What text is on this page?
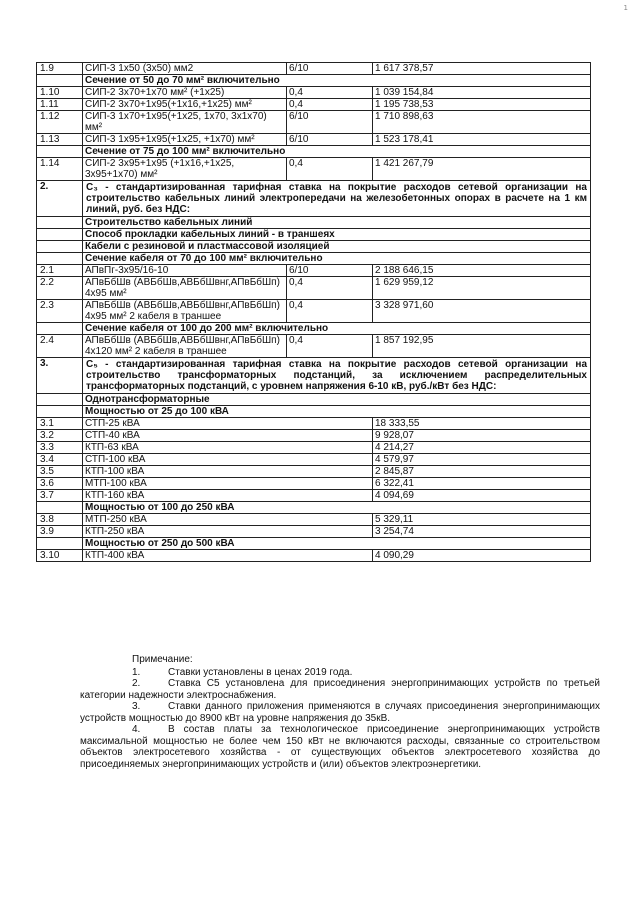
1
1.9	СИП-3 1х50 (3х50) мм2	6/10	1 617 378,57
	Сечение от 50 до 70 мм² включительно		
1.10	СИП-2 3х70+1х70 мм² (+1х25)	0,4	1 039 154,84
1.11	СИП-2 3х70+1х95(+1х16,+1х25) мм²	0,4	1 195 738,53
1.12	СИП-3 1х70+1х95(+1х25, 1х70, 3х1х70) мм²	6/10	1 710 898,63
1.13	СИП-3 1х95+1х95(+1х25, +1х70) мм²	6/10	1 523 178,41
	Сечение от 75 до 100 мм² включительно		
1.14	СИП-2 3х95+1х95 (+1х16,+1х25, 3х95+1х70) мм²	0,4	1 421 267,79
2.	С₃ - стандартизированная тарифная ставка на покрытие расходов сетевой организации на строительство кабельных линий электропередачи на железобетонных опорах в расчете на 1 км линий, руб. без НДС:		
	Строительство кабельных линий		
	Способ прокладки кабельных линий - в траншеях		
	Кабели с резиновой и пластмассовой изоляцией		
	Сечение кабеля от 70 до 100 мм² включительно		
2.1	АПвПг-3х95/16-10	6/10	2 188 646,15
2.2	АПвБбШв (АВБбШв,АВБбШвнг,АПвБбШп) 4х95 мм²	0,4	1 629 959,12
2.3	АПвБбШв (АВБбШв,АВБбШвнг,АПвБбШп) 4х95 мм² 2 кабеля в траншее	0,4	3 328 971,60
	Сечение кабеля от 100 до 200 мм² включительно		
2.4	АПвБбШв (АВБбШв,АВБбШвнг,АПвБбШп) 4х120 мм² 2 кабеля в траншее	0,4	1 857 192,95
3.	С₅ - стандартизированная тарифная ставка на покрытие расходов сетевой организации на строительство трансформаторных подстанций, за исключением распределительных трансформаторных подстанций, с уровнем напряжения 6-10 кВ, руб./кВт без НДС:		
	Однотрансформаторные		
	Мощностью от 25 до 100 кВА		
3.1	СТП-25 кВА		18 333,55
3.2	СТП-40 кВА		9 928,07
3.3	КТП-63 кВА		4 214,27
3.4	СТП-100 кВА		4 579,97
3.5	КТП-100 кВА		2 845,87
3.6	МТП-100 кВА		6 322,41
3.7	КТП-160 кВА		4 094,69
	Мощностью от 100 до 250 кВА		
3.8	МТП-250 кВА		5 329,11
3.9	КТП-250 кВА		3 254,74
	Мощностью от 250 до 500 кВА		
3.10	КТП-400 кВА		4 090,29

Примечание:

1.	Ставки установлены в ценах 2019 года.

2.	Ставка С5 установлена для присоединения энергопринимающих устройств по третьей категории надежности электроснабжения.

3.	Ставки данного приложения применяются в случаях присоединения энергопринимающих устройств мощностью до 8900 кВт на уровне напряжения до 35кВ.

4.	В состав платы за технологическое присоединение энергопринимающих устройств максимальной мощностью не более чем 150 кВт не включаются расходы, связанные со строительством объектов электросетевого хозяйства - от существующих объектов электросетевого хозяйства до присоединяемых энергопринимающих устройств и (или) объектов электроэнергетики.
